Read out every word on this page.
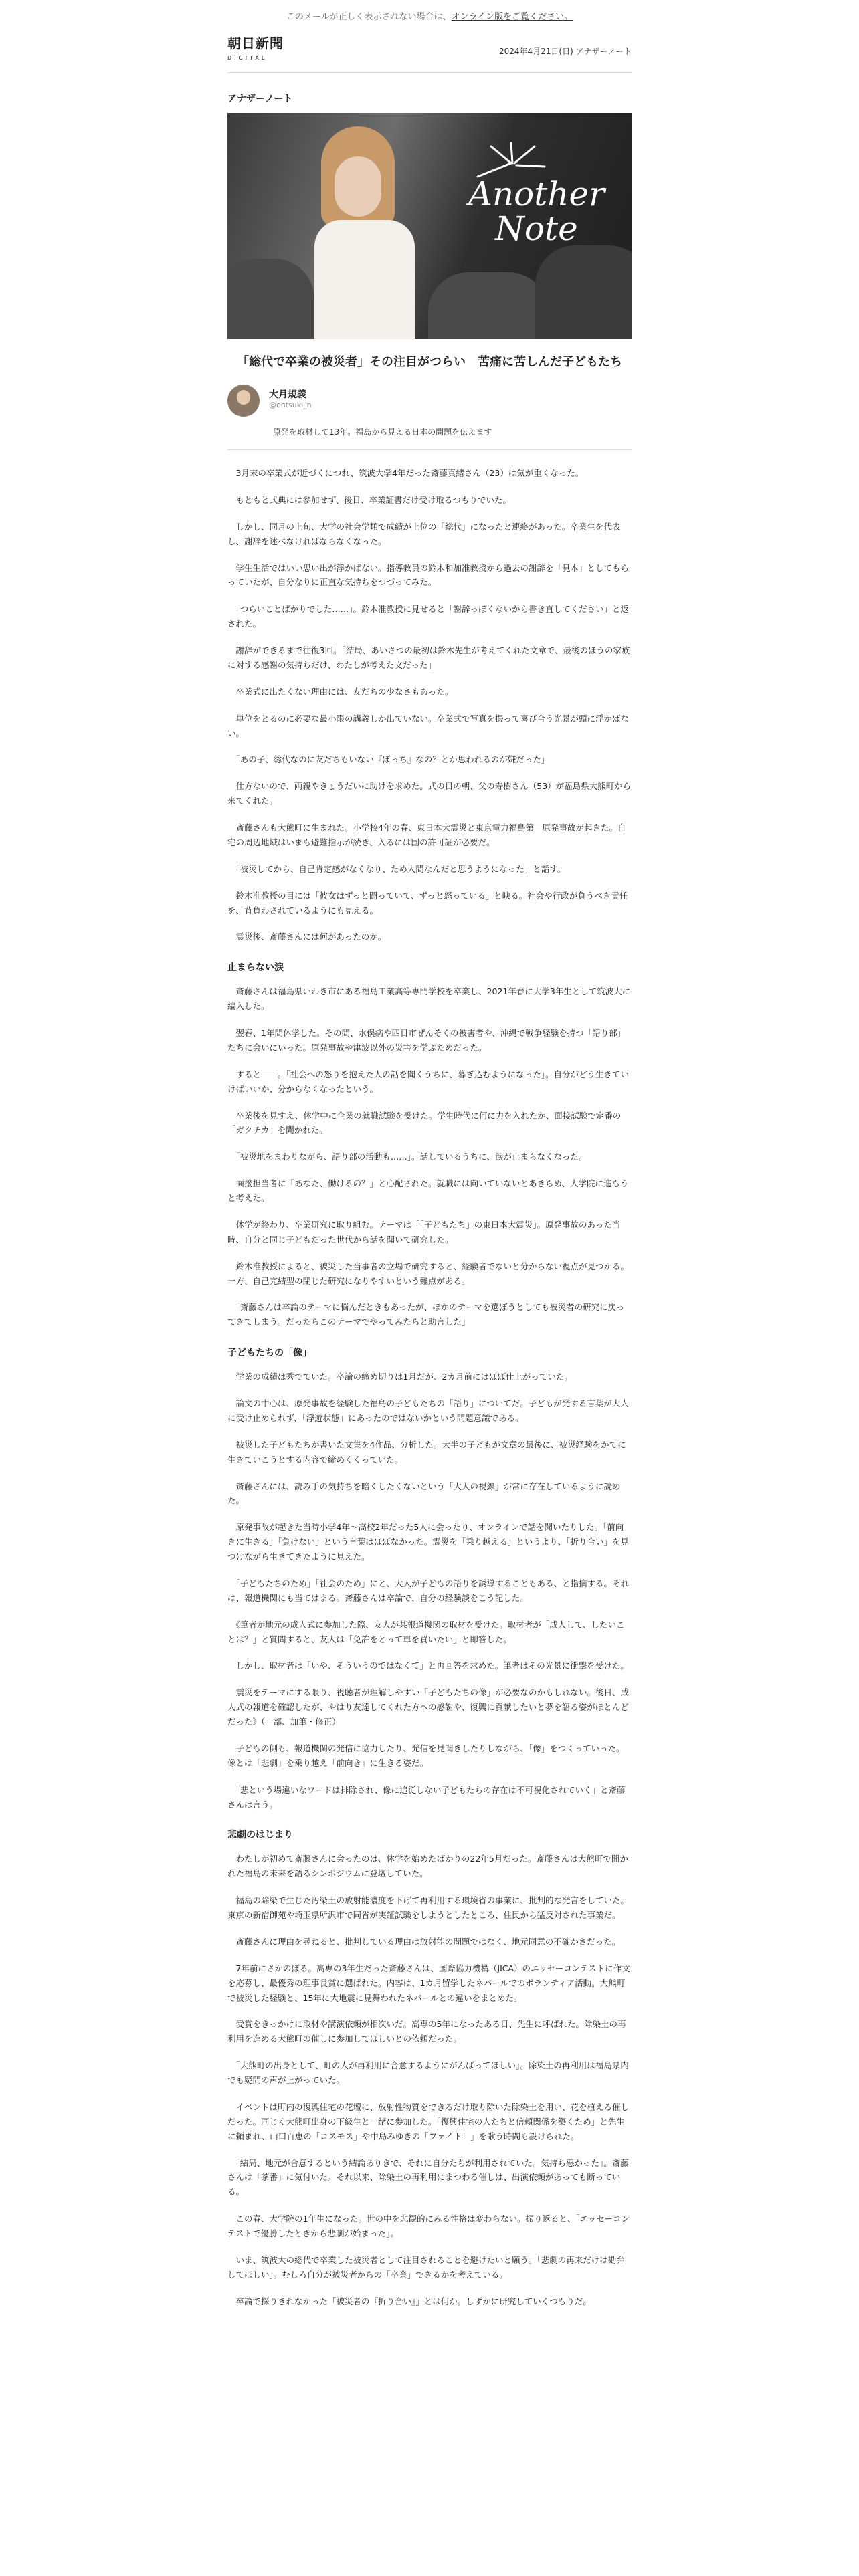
このメールが正しく表示されない場合は、オンライン版をご覧ください。
朝日新聞
DIGITAL
2024年4月21日(日) アナザーノート
アナザーノート
Another
Note
「総代で卒業の被災者」その注目がつらい　苦痛に苦しんだ子どもたち
大月規義
@ohtsuki_n
原発を取材して13年。福島から見える日本の問題を伝えます

　3月末の卒業式が近づくにつれ、筑波大学4年だった斎藤真緒さん（23）は気が重くなった。

　もともと式典には参加せず、後日、卒業証書だけ受け取るつもりでいた。

　しかし、同月の上旬、大学の社会学類で成績が上位の「総代」になったと連絡があった。卒業生を代表し、謝辞を述べなければならなくなった。

　学生生活ではいい思い出が浮かばない。指導教員の鈴木和加准教授から過去の謝辞を「見本」としてもらっていたが、自分なりに正直な気持ちをつづってみた。

　「つらいことばかりでした……」。鈴木准教授に見せると「謝辞っぽくないから書き直してください」と返された。

　謝辞ができるまで往復3回。「結局、あいさつの最初は鈴木先生が考えてくれた文章で、最後のほうの家族に対する感謝の気持ちだけ、わたしが考えた文だった」

　卒業式に出たくない理由には、友だちの少なさもあった。

　単位をとるのに必要な最小限の講義しか出ていない。卒業式で写真を撮って喜び合う光景が頭に浮かばない。

　「あの子、総代なのに友だちもいない『ぼっち』なの？とか思われるのが嫌だった」

　仕方ないので、両親やきょうだいに助けを求めた。式の日の朝、父の寿樹さん（53）が福島県大熊町から来てくれた。

　斎藤さんも大熊町に生まれた。小学校4年の春、東日本大震災と東京電力福島第一原発事故が起きた。自宅の周辺地域はいまも避難指示が続き、入るには国の許可証が必要だ。

　「被災してから、自己肯定感がなくなり、ため人間なんだと思うようになった」と話す。

　鈴木准教授の目には「彼女はずっと闘っていて、ずっと怒っている」と映る。社会や行政が負うべき責任を、背負わされているようにも見える。

　震災後、斎藤さんには何があったのか。

止まらない涙

　斎藤さんは福島県いわき市にある福島工業高等専門学校を卒業し、2021年春に大学3年生として筑波大に編入した。

　翌春、1年間休学した。その間、水俣病や四日市ぜんそくの被害者や、沖縄で戦争経験を持つ「語り部」たちに会いにいった。原発事故や津波以外の災害を学ぶためだった。

　すると――。「社会への怒りを抱えた人の話を聞くうちに、暮ぎ込むようになった」。自分がどう生きていけばいいか、分からなくなったという。

　卒業後を見すえ、休学中に企業の就職試験を受けた。学生時代に何に力を入れたか、面接試験で定番の「ガクチカ」を聞かれた。

　「被災地をまわりながら、語り部の活動も……」。話しているうちに、涙が止まらなくなった。

　面接担当者に「あなた、働けるの？」と心配された。就職には向いていないとあきらめ、大学院に進もうと考えた。

　休学が終わり、卒業研究に取り組む。テーマは「「子どもたち」の東日本大震災」。原発事故のあった当時、自分と同じ子どもだった世代から話を聞いて研究した。

　鈴木准教授によると、被災した当事者の立場で研究すると、経験者でないと分からない視点が見つかる。一方、自己完結型の閉じた研究になりやすいという難点がある。

　「斎藤さんは卒論のテーマに悩んだときもあったが、ほかのテーマを選ぼうとしても被災者の研究に戻ってきてしまう。だったらこのテーマでやってみたらと助言した」

子どもたちの「像」

　学業の成績は秀でていた。卒論の締め切りは1月だが、2カ月前にはほぼ仕上がっていた。

　論文の中心は、原発事故を経験した福島の子どもたちの「語り」についてだ。子どもが発する言葉が大人に受け止められず、「浮遊状態」にあったのではないかという問題意識である。

　被災した子どもたちが書いた文集を4作品、分析した。大半の子どもが文章の最後に、被災経験をかてに生きていこうとする内容で締めくくっていた。

　斎藤さんには、読み手の気持ちを暗くしたくないという「大人の視線」が常に存在しているように読めた。

　原発事故が起きた当時小学4年～高校2年だった5人に会ったり、オンラインで話を聞いたりした。「前向きに生きる」「負けない」という言葉はほぼなかった。震災を「乗り越える」というより、「折り合い」を見つけながら生きてきたように見えた。

　「子どもたちのため」「社会のため」にと、大人が子どもの語りを誘導することもある、と指摘する。それは、報道機関にも当てはまる。斎藤さんは卒論で、自分の経験談をこう記した。

　《筆者が地元の成人式に参加した際、友人が某報道機関の取材を受けた。取材者が「成人して、したいことは？」と質問すると、友人は「免許をとって車を買いたい」と即答した。

　しかし、取材者は「いや、そういうのではなくて」と再回答を求めた。筆者はその光景に衝撃を受けた。

　震災をテーマにする限り、視聴者が理解しやすい「子どもたちの像」が必要なのかもしれない。後日、成人式の報道を確認したが、やはり友達してくれた方への感謝や、復興に貢献したいと夢を語る姿がほとんどだった》（一部、加筆・修正）

　子どもの側も、報道機関の発信に協力したり、発信を見聞きしたりしながら、「像」をつくっていった。像とは「悲劇」を乗り越え「前向き」に生きる姿だ。

　「悲という場違いなワードは排除され、像に追従しない子どもたちの存在は不可視化されていく」と斎藤さんは言う。

悲劇のはじまり

　わたしが初めて斎藤さんに会ったのは、休学を始めたばかりの22年5月だった。斎藤さんは大熊町で開かれた福島の未来を語るシンポジウムに登壇していた。

　福島の除染で生じた汚染土の放射能濃度を下げて再利用する環境省の事業に、批判的な発言をしていた。東京の新宿御苑や埼玉県所沢市で同省が実証試験をしようとしたところ、住民から猛反対された事業だ。

　斎藤さんに理由を尋ねると、批判している理由は放射能の問題ではなく、地元同意の不確かさだった。

　7年前にさかのぼる。高専の3年生だった斎藤さんは、国際協力機構（JICA）のエッセーコンテストに作文を応募し、最優秀の理事長賞に選ばれた。内容は、1カ月留学したネパールでのボランティア活動。大熊町で被災した経験と、15年に大地震に見舞われたネパールとの違いをまとめた。

　受賞をきっかけに取材や講演依頼が相次いだ。高専の5年になったある日、先生に呼ばれた。除染土の再利用を進める大熊町の催しに参加してほしいとの依頼だった。

　「大熊町の出身として、町の人が再利用に合意するようにがんばってほしい」。除染土の再利用は福島県内でも疑問の声が上がっていた。

　イベントは町内の復興住宅の花壇に、放射性物質をできるだけ取り除いた除染土を用い、花を植える催しだった。同じく大熊町出身の下級生と一緒に参加した。「復興住宅の人たちと信頼関係を築くため」と先生に頼まれ、山口百恵の「コスモス」や中島みゆきの「ファイト！」を歌う時間も設けられた。

　「結局、地元が合意するという結論ありきで、それに自分たちが利用されていた。気持ち悪かった」。斎藤さんは「茶番」に気付いた。それ以来、除染土の再利用にまつわる催しは、出演依頼があっても断っている。

　この春、大学院の1年生になった。世の中を悲観的にみる性格は変わらない。振り返ると、「エッセーコンテストで優勝したときから悲劇が始まった」。

　いま、筑波大の総代で卒業した被災者として注目されることを避けたいと願う。「悲劇の再来だけは勘弁してほしい」。むしろ自分が被災者からの「卒業」できるかを考えている。

　卒論で探りきれなかった「被災者の『折り合い』」とは何か。しずかに研究していくつもりだ。
